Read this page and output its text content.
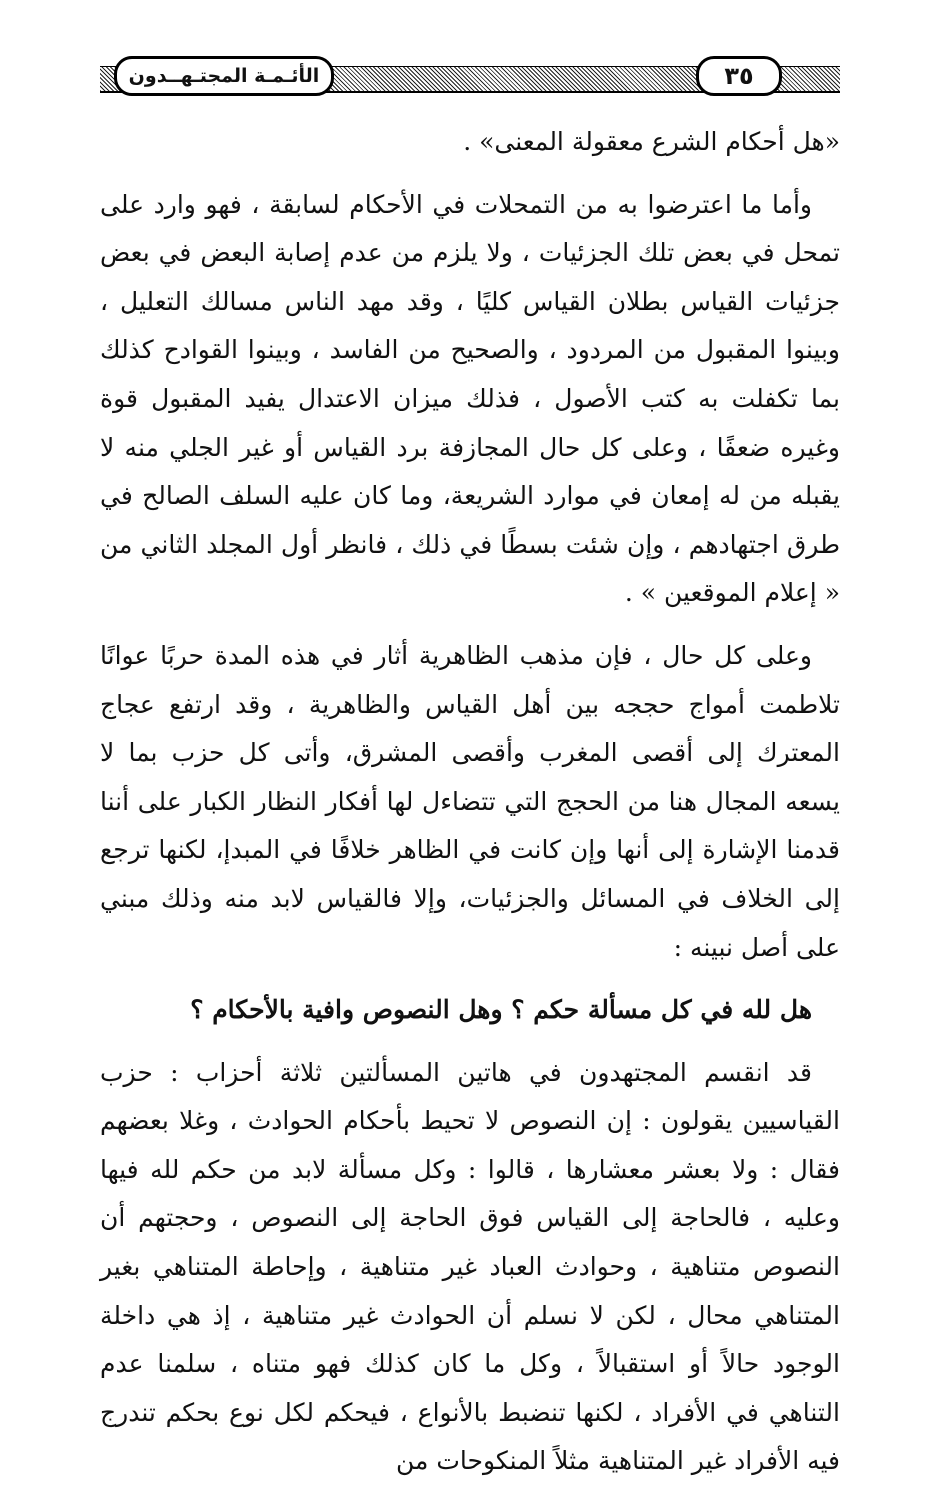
الأئـمـة المجتـهــدون	٣٥

«هل أحكام الشرع معقولة المعنى» .

وأما ما اعترضوا به من التمحلات في الأحكام لسابقة ، فهو وارد على تمحل في بعض تلك الجزئيات ، ولا يلزم من عدم إصابة البعض في بعض جزئيات القياس بطلان القياس كليًا ، وقد مهد الناس مسالك التعليل ، وبينوا المقبول من المردود ، والصحيح من الفاسد ، وبينوا القوادح كذلك بما تكفلت به كتب الأصول ، فذلك ميزان الاعتدال يفيد المقبول قوة وغيره ضعفًا ، وعلى كل حال المجازفة برد القياس أو غير الجلي منه لا يقبله من له إمعان في موارد الشريعة، وما كان عليه السلف الصالح في طرق اجتهادهم ، وإن شئت بسطًا في ذلك ، فانظر أول المجلد الثاني من « إعلام الموقعين » .

وعلى كل حال ، فإن مذهب الظاهرية أثار في هذه المدة حربًا عوانًا تلاطمت أمواج حججه بين أهل القياس والظاهرية ، وقد ارتفع عجاج المعترك إلى أقصى المغرب وأقصى المشرق، وأتى كل حزب بما لا يسعه المجال هنا من الحجج التي تتضاءل لها أفكار النظار الكبار على أننا قدمنا الإشارة إلى أنها وإن كانت في الظاهر خلافًا في المبدإ، لكنها ترجع إلى الخلاف في المسائل والجزئيات، وإلا فالقياس لابد منه وذلك مبني على أصل نبينه :

هل لله في كل مسألة حكم ؟ وهل النصوص وافية بالأحكام ؟

قد انقسم المجتهدون في هاتين المسألتين ثلاثة أحزاب : حزب القياسيين يقولون : إن النصوص لا تحيط بأحكام الحوادث ، وغلا بعضهم فقال : ولا بعشر معشارها ، قالوا : وكل مسألة لابد من حكم لله فيها وعليه ، فالحاجة إلى القياس فوق الحاجة إلى النصوص ، وحجتهم أن النصوص متناهية ، وحوادث العباد غير متناهية ، وإحاطة المتناهي بغير المتناهي محال ، لكن لا نسلم أن الحوادث غير متناهية ، إذ هي داخلة الوجود حالاً أو استقبالاً ، وكل ما كان كذلك فهو متناه ، سلمنا عدم التناهي في الأفراد ، لكنها تنضبط بالأنواع ، فيحكم لكل نوع بحكم تندرج فيه الأفراد غير المتناهية مثلاً المنكوحات من
